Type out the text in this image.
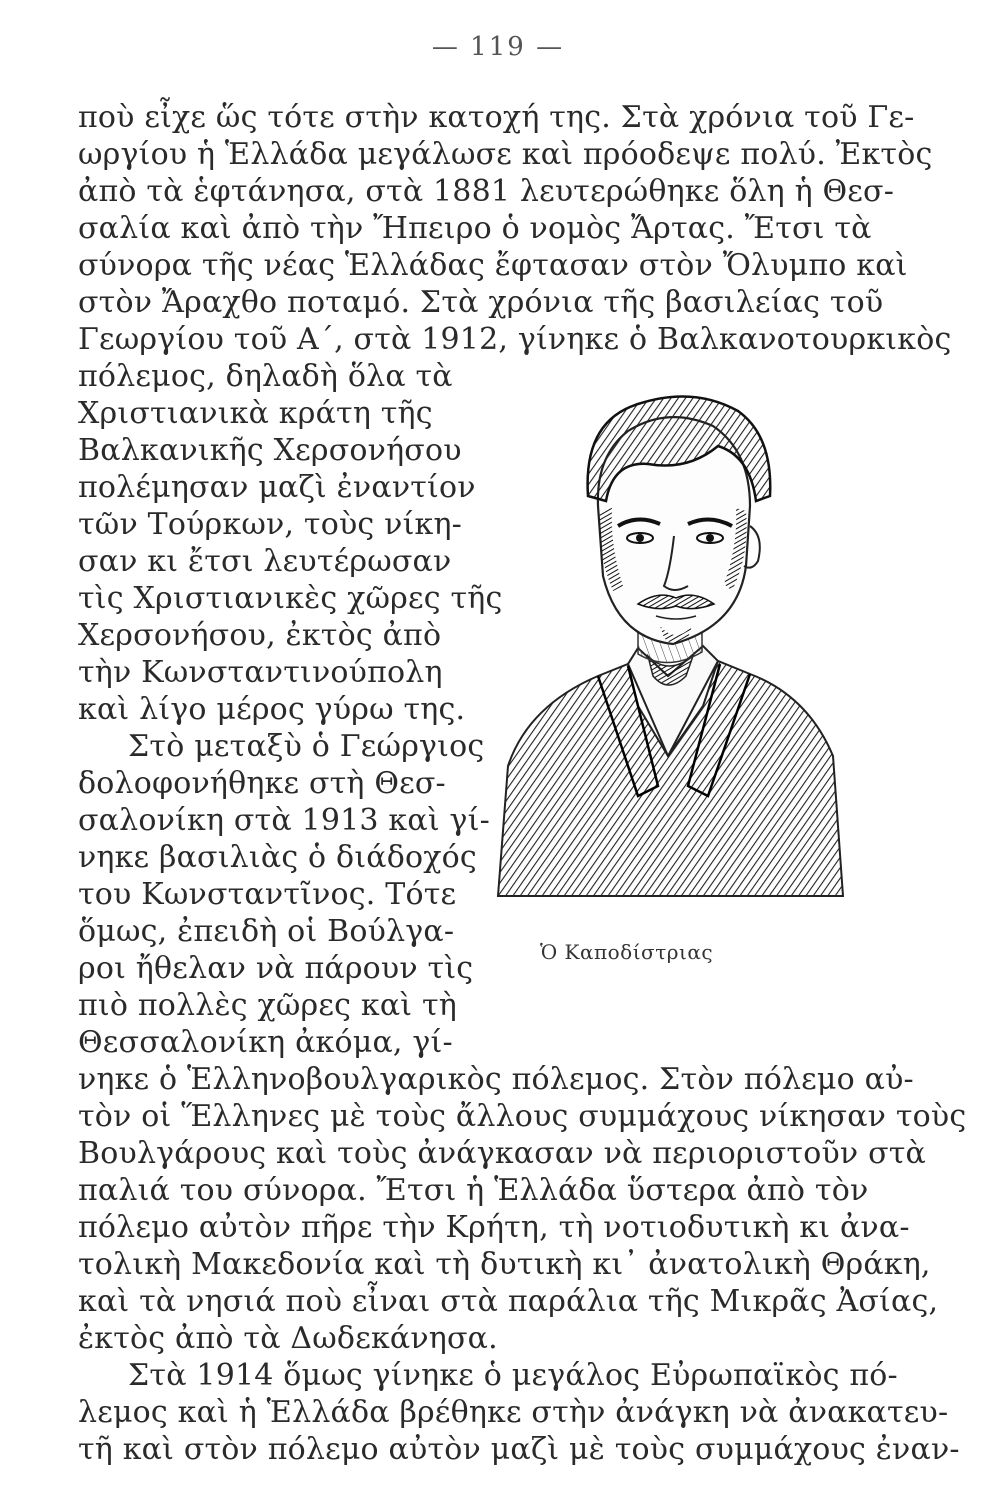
— 119 —
ποὺ εἶχε ὥς τότε στὴν κατοχή της. Στὰ χρόνια τοῦ Γε-
ωργίου ἡ Ἑλλάδα μεγάλωσε καὶ πρόοδεψε πολύ. Ἐκτὸς
ἀπὸ τὰ ἑφτάνησα, στὰ 1881 λευτερώθηκε ὅλη ἡ Θεσ-
σαλία καὶ ἀπὸ τὴν Ἤπειρο ὁ νομὸς Ἄρτας. Ἔτσι τὰ
σύνορα τῆς νέας Ἑλλάδας ἔφτασαν στὸν Ὄλυμπο καὶ
στὸν Ἄραχθο ποταμό. Στὰ χρόνια τῆς βασιλείας τοῦ
Γεωργίου τοῦ Α΄, στὰ 1912, γίνηκε ὁ Βαλκανοτουρκικὸς
πόλεμος, δηλαδὴ ὅλα τὰ
Χριστιανικὰ κράτη τῆς
Βαλκανικῆς Χερσονήσου
πολέμησαν μαζὶ ἐναντίον
τῶν Τούρκων, τοὺς νίκη-
σαν κι ἔτσι λευτέρωσαν
τὶς Χριστιανικὲς χῶρες τῆς
Χερσονήσου, ἐκτὸς ἀπὸ
τὴν Κωνσταντινούπολη
καὶ λίγο μέρος γύρω της.
Στὸ μεταξὺ ὁ Γεώργιος
δολοφονήθηκε στὴ Θεσ-
σαλονίκη στὰ 1913 καὶ γί-
νηκε βασιλιὰς ὁ διάδοχός
του Κωνσταντῖνος. Τότε
ὅμως, ἐπειδὴ οἱ Βούλγα-
ροι ἤθελαν νὰ πάρουν τὶς
πιὸ πολλὲς χῶρες καὶ τὴ
Θεσσαλονίκη ἀκόμα, γί-
νηκε ὁ Ἑλληνοβουλγαρικὸς πόλεμος. Στὸν πόλεμο αὐ-
τὸν οἱ Ἕλληνες μὲ τοὺς ἄλλους συμμάχους νίκησαν τοὺς
Βουλγάρους καὶ τοὺς ἀνάγκασαν νὰ περιοριστοῦν στὰ
παλιά του σύνορα. Ἔτσι ἡ Ἑλλάδα ὕστερα ἀπὸ τὸν
πόλεμο αὐτὸν πῆρε τὴν Κρήτη, τὴ νοτιοδυτικὴ κι ἀνα-
τολικὴ Μακεδονία καὶ τὴ δυτικὴ κι᾽ ἀνατολικὴ Θράκη,
καὶ τὰ νησιά ποὺ εἶναι στὰ παράλια τῆς Μικρᾶς Ἀσίας,
ἐκτὸς ἀπὸ τὰ Δωδεκάνησα.
Στὰ 1914 ὅμως γίνηκε ὁ μεγάλος Εὐρωπαϊκὸς πό-
λεμος καὶ ἡ Ἑλλάδα βρέθηκε στὴν ἀνάγκη νὰ ἀνακατευ-
τῆ καὶ στὸν πόλεμο αὐτὸν μαζὶ μὲ τοὺς συμμάχους ἐναν-
Ὁ Καποδίστριας
